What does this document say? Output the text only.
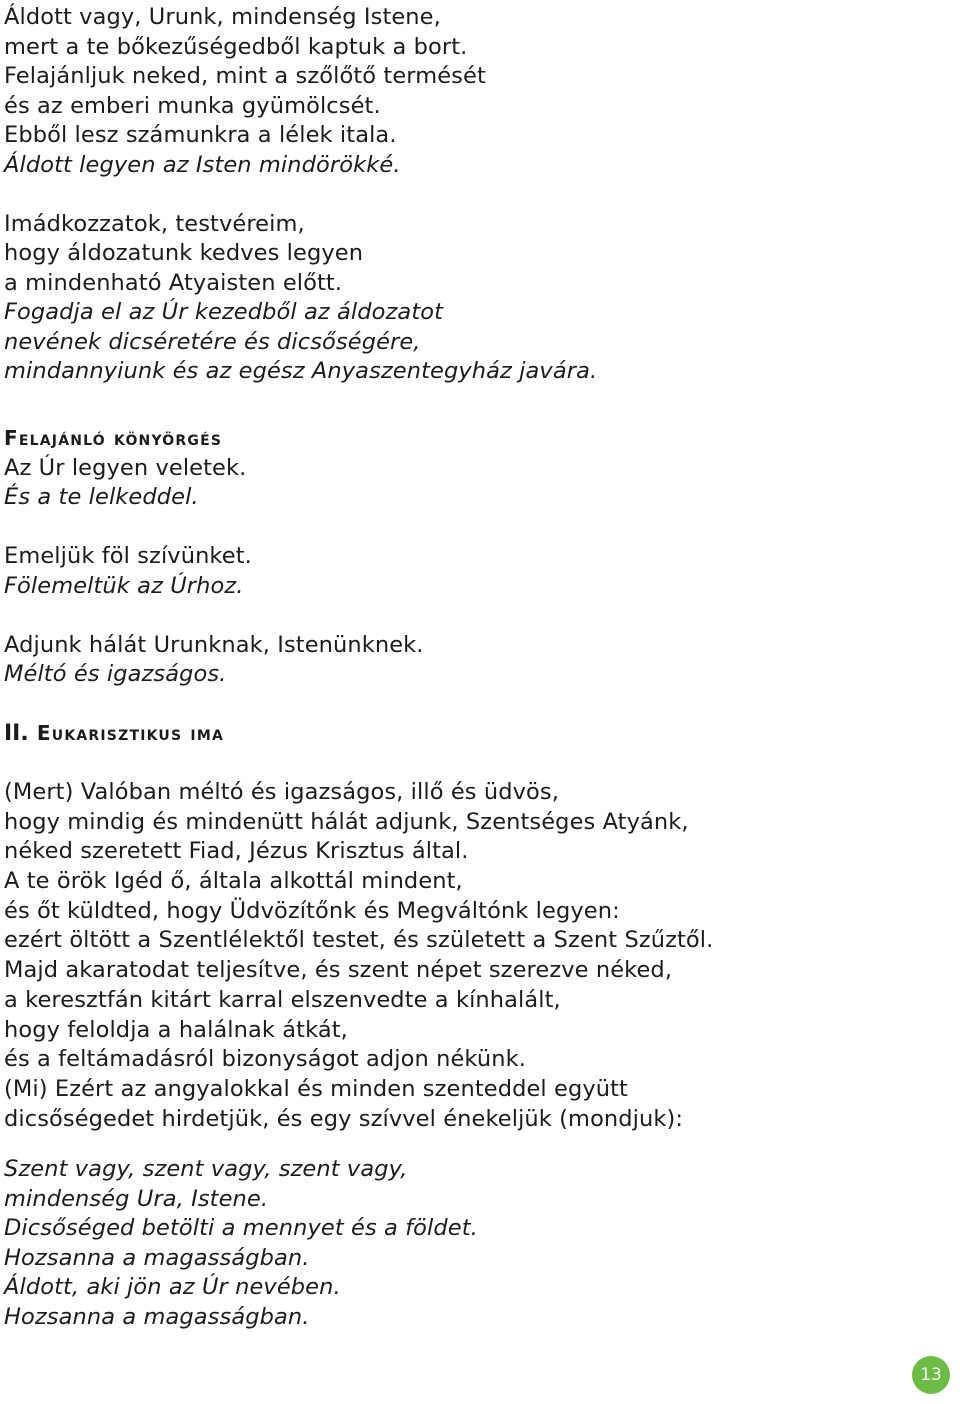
Áldott vagy, Urunk, mindenség Istene,
mert a te bőkezűségedből kaptuk a bort.
Felajánljuk neked, mint a szőlőtő termését
és az emberi munka gyümölcsét.
Ebből lesz számunkra a lélek itala.
Áldott legyen az Isten mindörökké.
Imádkozzatok, testvéreim,
hogy áldozatunk kedves legyen
a mindenható Atyaisten előtt.
Fogadja el az Úr kezedből az áldozatot
nevének dicséretére és dicsőségére,
mindannyiunk és az egész Anyaszentegyház javára.
Felajánló könyörgés
Az Úr legyen veletek.
És a te lelkeddel.
Emeljük föl szívünket.
Fölemeltük az Úrhoz.
Adjunk hálát Urunknak, Istenünknek.
Méltó és igazságos.
II. Eukarisztikus ima
(Mert) Valóban méltó és igazságos, illő és üdvös,
hogy mindig és mindenütt hálát adjunk, Szentséges Atyánk,
néked szeretett Fiad, Jézus Krisztus által.
A te örök Igéd ő, általa alkottál mindent,
és őt küldted, hogy Üdvözítőnk és Megváltónk legyen:
ezért öltött a Szentlélektől testet, és született a Szent Szűztől.
Majd akaratodat teljesítve, és szent népet szerezve néked,
a keresztfán kitárt karral elszenvedte a kínhalált,
hogy feloldja a halálnak átkát,
és a feltámadásról bizonyságot adjon nékünk.
(Mi) Ezért az angyalokkal és minden szenteddel együtt
dicsőségedet hirdetjük, és egy szívvel énekeljük (mondjuk):
Szent vagy, szent vagy, szent vagy,
mindenség Ura, Istene.
Dicsőséged betölti a mennyet és a földet.
Hozsanna a magasságban.
Áldott, aki jön az Úr nevében.
Hozsanna a magasságban.
13
